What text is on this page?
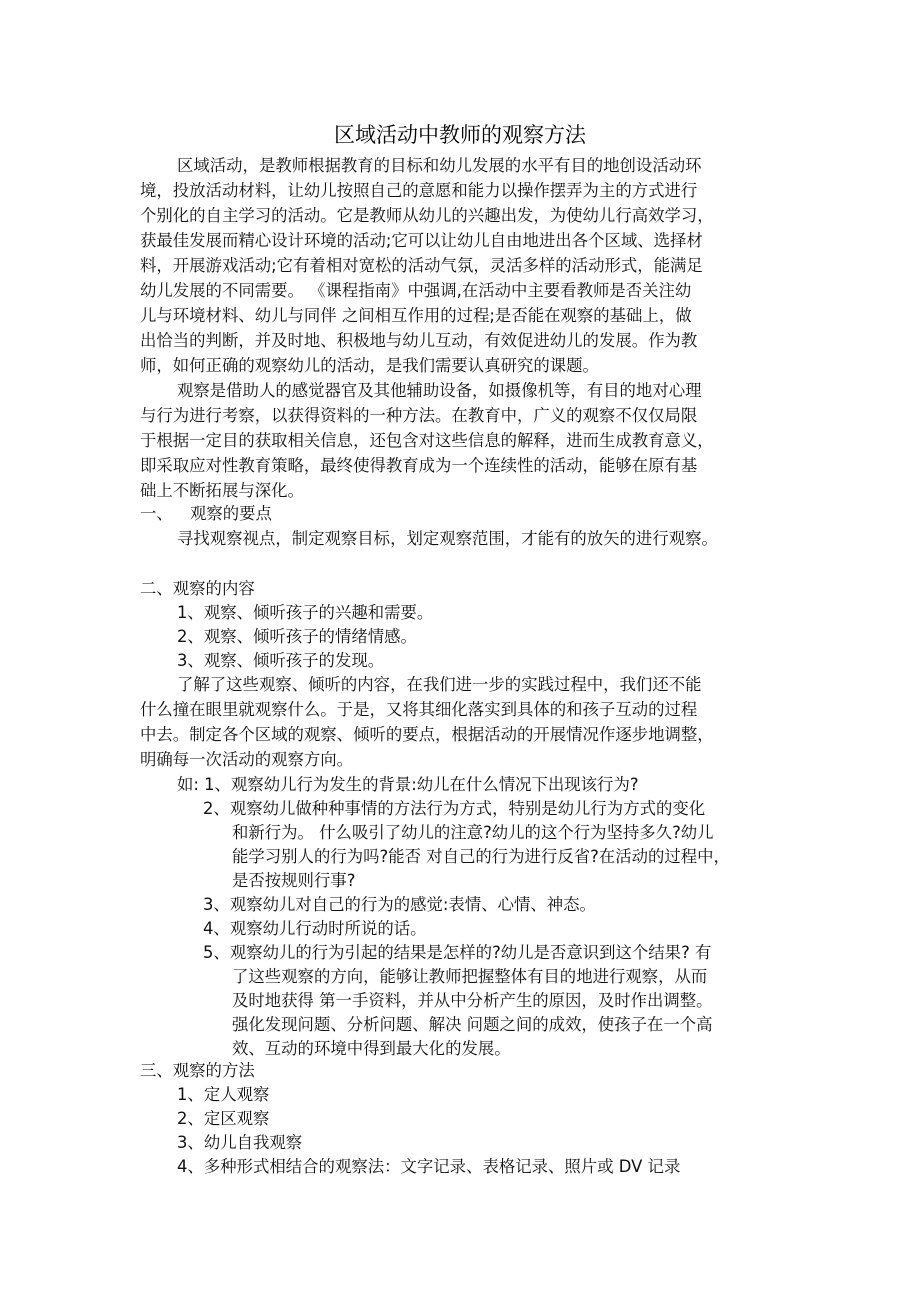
区域活动中教师的观察方法
区域活动，是教师根据教育的目标和幼儿发展的水平有目的地创设活动环
境，投放活动材料，让幼儿按照自己的意愿和能力以操作摆弄为主的方式进行
个别化的自主学习的活动。它是教师从幼儿的兴趣出发，为使幼儿行高效学习，
获最佳发展而精心设计环境的活动;它可以让幼儿自由地进出各个区域、选择材
料，开展游戏活动;它有着相对宽松的活动气氛，灵活多样的活动形式，能满足
幼儿发展的不同需要。 《课程指南》中强调,在活动中主要看教师是否关注幼
儿与环境材料、幼儿与同伴 之间相互作用的过程;是否能在观察的基础上，做
出恰当的判断，并及时地、积极地与幼儿互动，有效促进幼儿的发展。作为教
师，如何正确的观察幼儿的活动，是我们需要认真研究的课题。
观察是借助人的感觉器官及其他辅助设备，如摄像机等，有目的地对心理
与行为进行考察，以获得资料的一种方法。在教育中，广义的观察不仅仅局限
于根据一定目的获取相关信息，还包含对这些信息的解释，进而生成教育意义，
即采取应对性教育策略，最终使得教育成为一个连续性的活动，能够在原有基
础上不断拓展与深化。
一、 观察的要点
寻找观察视点，制定观察目标，划定观察范围，才能有的放矢的进行观察。
二、观察的内容
1、观察、倾听孩子的兴趣和需要。
2、观察、倾听孩子的情绪情感。
3、观察、倾听孩子的发现。
了解了这些观察、倾听的内容，在我们进一步的实践过程中，我们还不能
什么撞在眼里就观察什么。于是，又将其细化落实到具体的和孩子互动的过程
中去。制定各个区域的观察、倾听的要点，根据活动的开展情况作逐步地调整，
明确每一次活动的观察方向。
如: 1、观察幼儿行为发生的背景:幼儿在什么情况下出现该行为?
2、观察幼儿做种种事情的方法行为方式，特别是幼儿行为方式的变化
和新行为。 什么吸引了幼儿的注意?幼儿的这个行为坚持多久?幼儿
能学习别人的行为吗?能否 对自己的行为进行反省?在活动的过程中，
是否按规则行事?
3、观察幼儿对自己的行为的感觉:表情、心情、神态。
4、观察幼儿行动时所说的话。
5、观察幼儿的行为引起的结果是怎样的?幼儿是否意识到这个结果? 有
了这些观察的方向，能够让教师把握整体有目的地进行观察，从而
及时地获得 第一手资料，并从中分析产生的原因，及时作出调整。
强化发现问题、分析问题、解决 问题之间的成效，使孩子在一个高
效、互动的环境中得到最大化的发展。
三、观察的方法
1、定人观察
2、定区观察
3、幼儿自我观察
4、多种形式相结合的观察法：文字记录、表格记录、照片或 DV 记录
